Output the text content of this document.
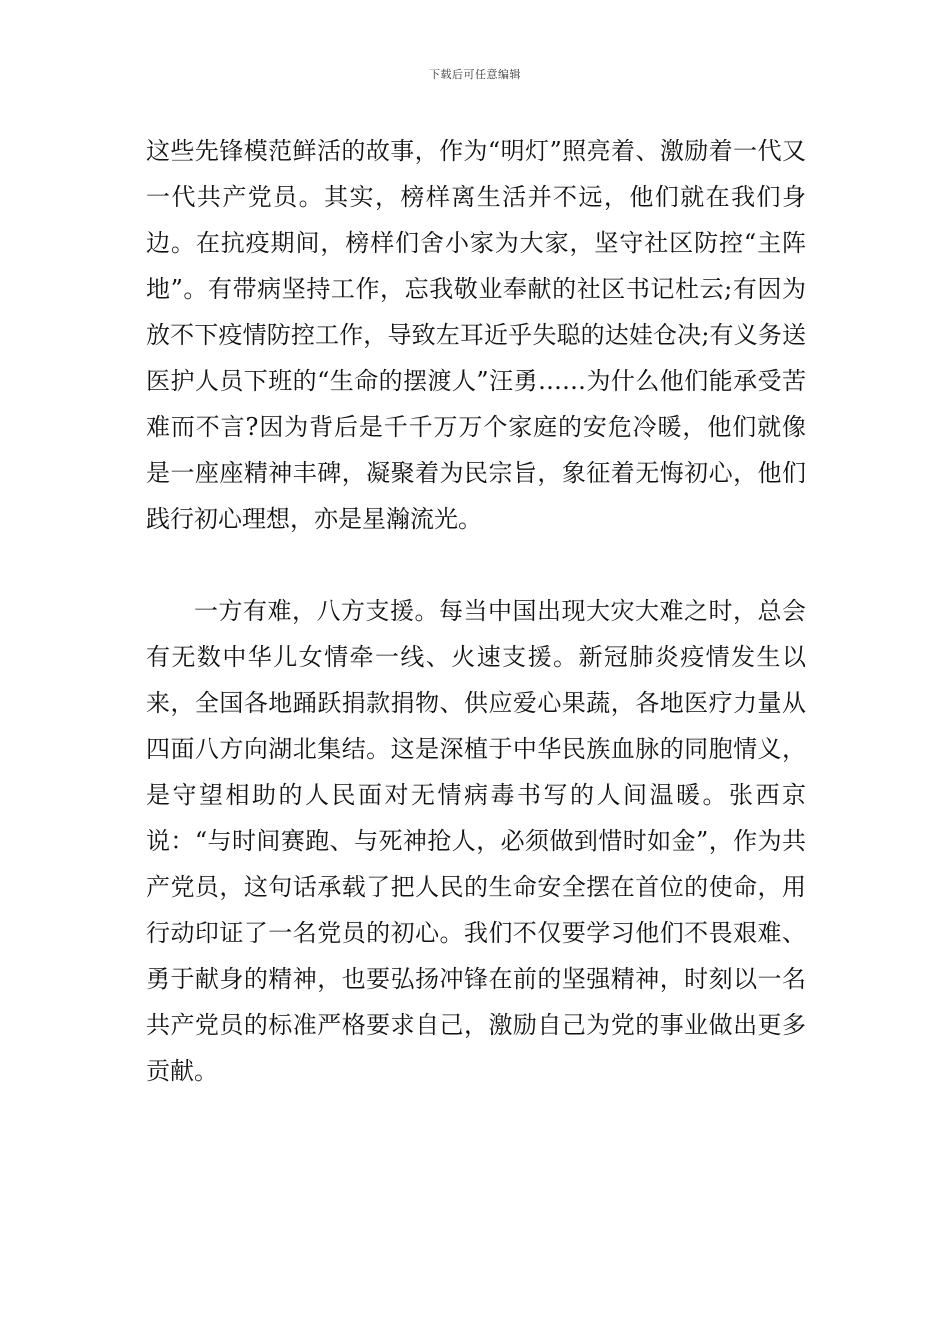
下载后可任意编辑

这些先锋模范鲜活的故事，作为“明灯”照亮着、激励着一代又一代共产党员。其实，榜样离生活并不远，他们就在我们身边。在抗疫期间，榜样们舍小家为大家，坚守社区防控“主阵地”。有带病坚持工作，忘我敬业奉献的社区书记杜云;有因为放不下疫情防控工作，导致左耳近乎失聪的达娃仓决;有义务送医护人员下班的“生命的摆渡人”汪勇……为什么他们能承受苦难而不言?因为背后是千千万万个家庭的安危冷暖，他们就像是一座座精神丰碑，凝聚着为民宗旨，象征着无悔初心，他们践行初心理想，亦是星瀚流光。

一方有难，八方支援。每当中国出现大灾大难之时，总会有无数中华儿女情牵一线、火速支援。新冠肺炎疫情发生以来，全国各地踊跃捐款捐物、供应爱心果蔬，各地医疗力量从四面八方向湖北集结。这是深植于中华民族血脉的同胞情义，是守望相助的人民面对无情病毒书写的人间温暖。张西京说：“与时间赛跑、与死神抢人，必须做到惜时如金”，作为共产党员，这句话承载了把人民的生命安全摆在首位的使命，用行动印证了一名党员的初心。我们不仅要学习他们不畏艰难、勇于献身的精神，也要弘扬冲锋在前的坚强精神，时刻以一名共产党员的标准严格要求自己，激励自己为党的事业做出更多贡献。
